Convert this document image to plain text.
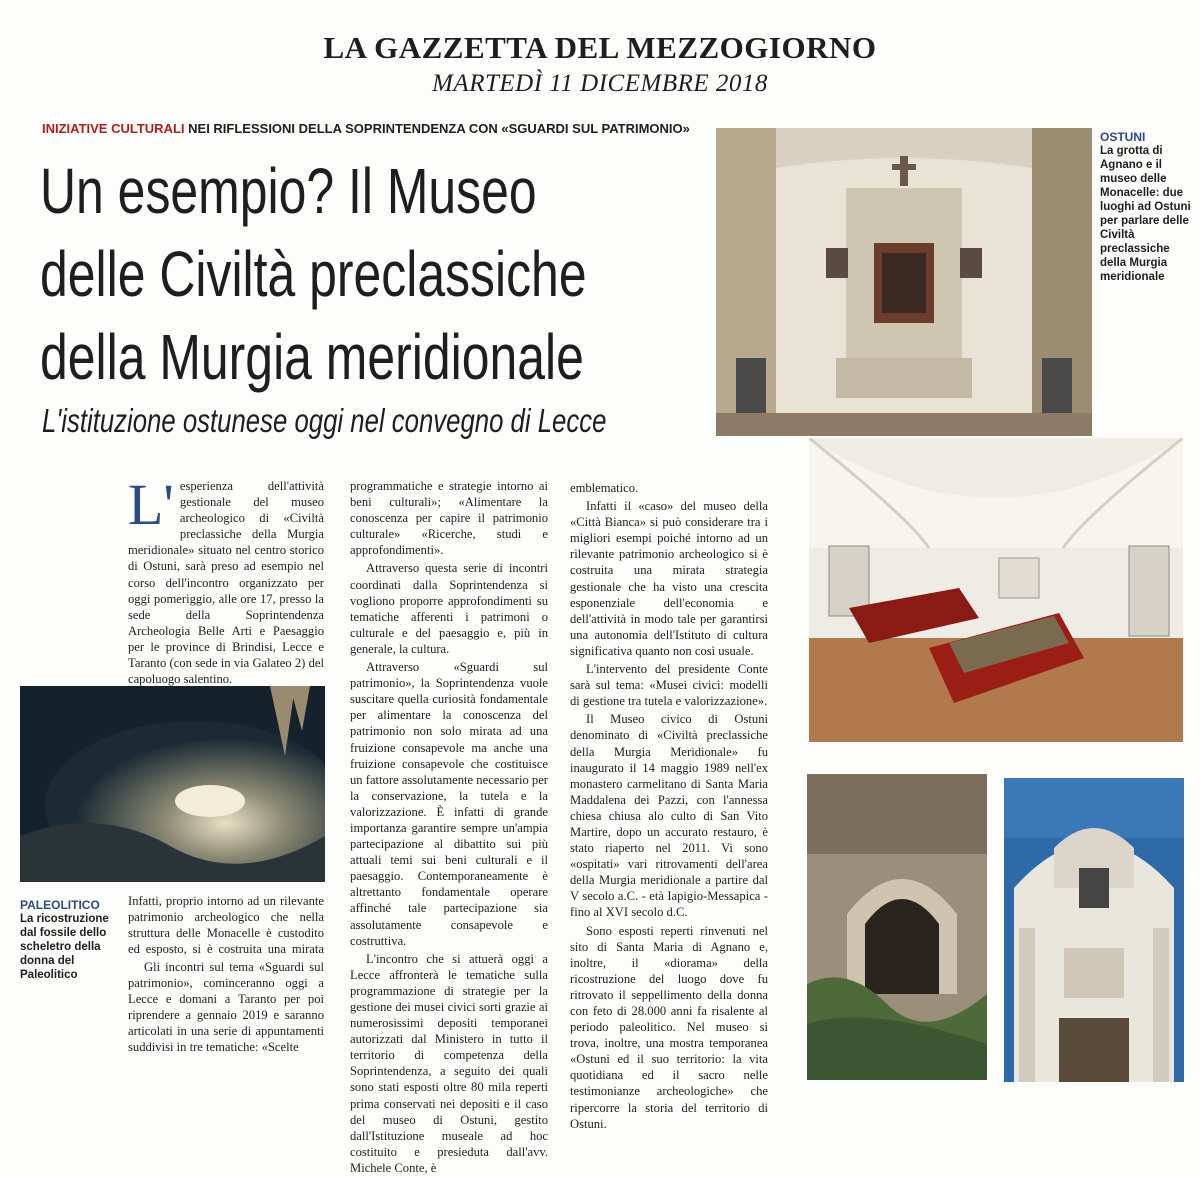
LA GAZZETTA DEL MEZZOGIORNO
MARTEDÌ 11 DICEMBRE 2018
INIZIATIVE CULTURALI NEI RIFLESSIONI DELLA SOPRINTENDENZA CON «SGUARDI SUL PATRIMONIO»
Un esempio? Il Museo
delle Civiltà preclassiche
della Murgia meridionale
L'istituzione ostunese oggi nel convegno di Lecce
L' esperienza dell'attività gestionale del museo archeologico di «Civiltà preclassiche della Murgia meridionale» situato nel centro storico di Ostuni, sarà preso ad esempio nel corso dell'incontro organizzato per oggi pomeriggio, alle ore 17, presso la sede della Soprintendenza Archeologia Belle Arti e Paesaggio per le province di Brindisi, Lecce e Taranto (con sede in via Galateo 2) del capoluogo salentino.

PALEOLITICO
La ricostruzione dal fossile dello scheletro della donna del Paleolitico

Infatti, proprio intorno ad un rilevante patrimonio archeologico che nella struttura delle Monacelle è custodito ed esposto, si è costruita una mirata

Gli incontri sul tema «Sguardi sul patrimonio», cominceranno oggi a Lecce e domani a Taranto per poi riprendere a gennaio 2019 e saranno articolati in una serie di appuntamenti suddivisi in tre tematiche: «Scelte

programmatiche e strategie intorno ai beni culturali»; «Alimentare la conoscenza per capire il patrimonio culturale» «Ricerche, studi e approfondimenti».

Attraverso questa serie di incontri coordinati dalla Soprintendenza si vogliono proporre approfondimenti su tematiche afferenti i patrimoni o culturale e del paesaggio e, più in generale, la cultura.

Attraverso «Sguardi sul patrimonio», la Soprintendenza vuole suscitare quella curiosità fondamentale per alimentare la conoscenza del patrimonio non solo mirata ad una fruizione consapevole ma anche una fruizione consapevole che costituisce un fattore assolutamente necessario per la conservazione, la tutela e la valorizzazione. È infatti di grande importanza garantire sempre un'ampia partecipazione al dibattito sui più attuali temi sui beni culturali e il paesaggio. Contemporaneamente è altrettanto fondamentale operare affinché tale partecipazione sia assolutamente consapevole e costruttiva.

L'incontro che si attuerà oggi a Lecce affronterà le tematiche sulla programmazione di strategie per la gestione dei musei civici sorti grazie ai numerosissimi depositi temporanei autorizzati dal Ministero in tutto il territorio di competenza della Soprintendenza, a seguito dei quali sono stati esposti oltre 80 mila reperti prima conservati nei depositi e il caso del museo di Ostuni, gestito dall'Istituzione museale ad hoc costituito e presieduta dall'avv. Michele Conte, è

emblematico.

Infatti il «caso» del museo della «Città Bianca» si può considerare tra i migliori esempi poiché intorno ad un rilevante patrimonio archeologico si è costruita una mirata strategia gestionale che ha visto una crescita esponenziale dell'economia e dell'attività in modo tale per garantirsi una autonomia dell'Istituto di cultura significativa quanto non così usuale.

L'intervento del presidente Conte sarà sul tema: «Musei civici: modelli di gestione tra tutela e valorizzazione».

Il Museo civico di Ostuni denominato di «Civiltà preclassiche della Murgia Meridionale» fu inaugurato il 14 maggio 1989 nell'ex monastero carmelitano di Santa Maria Maddalena dei Pazzi, con l'annessa chiesa chiusa alo culto di San Vito Martire, dopo un accurato restauro, è stato riaperto nel 2011. Vi sono «ospitati» vari ritrovamenti dell'area della Murgia meridionale a partire dal V secolo a.C. - età Iapigio-Messapica - fino al XVI secolo d.C.

Sono esposti reperti rinvenuti nel sito di Santa Maria di Agnano e, inoltre, il «diorama» della ricostruzione del luogo dove fu ritrovato il seppellimento della donna con feto di 28.000 anni fa risalente al periodo paleolitico. Nel museo si trova, inoltre, una mostra temporanea «Ostuni ed il suo territorio: la vita quotidiana ed il sacro nelle testimonianze archeologiche» che ripercorre la storia del territorio di Ostuni.

OSTUNI
La grotta di Agnano e il museo delle Monacelle: due luoghi ad Ostuni per parlare delle Civiltà preclassiche della Murgia meridionale
